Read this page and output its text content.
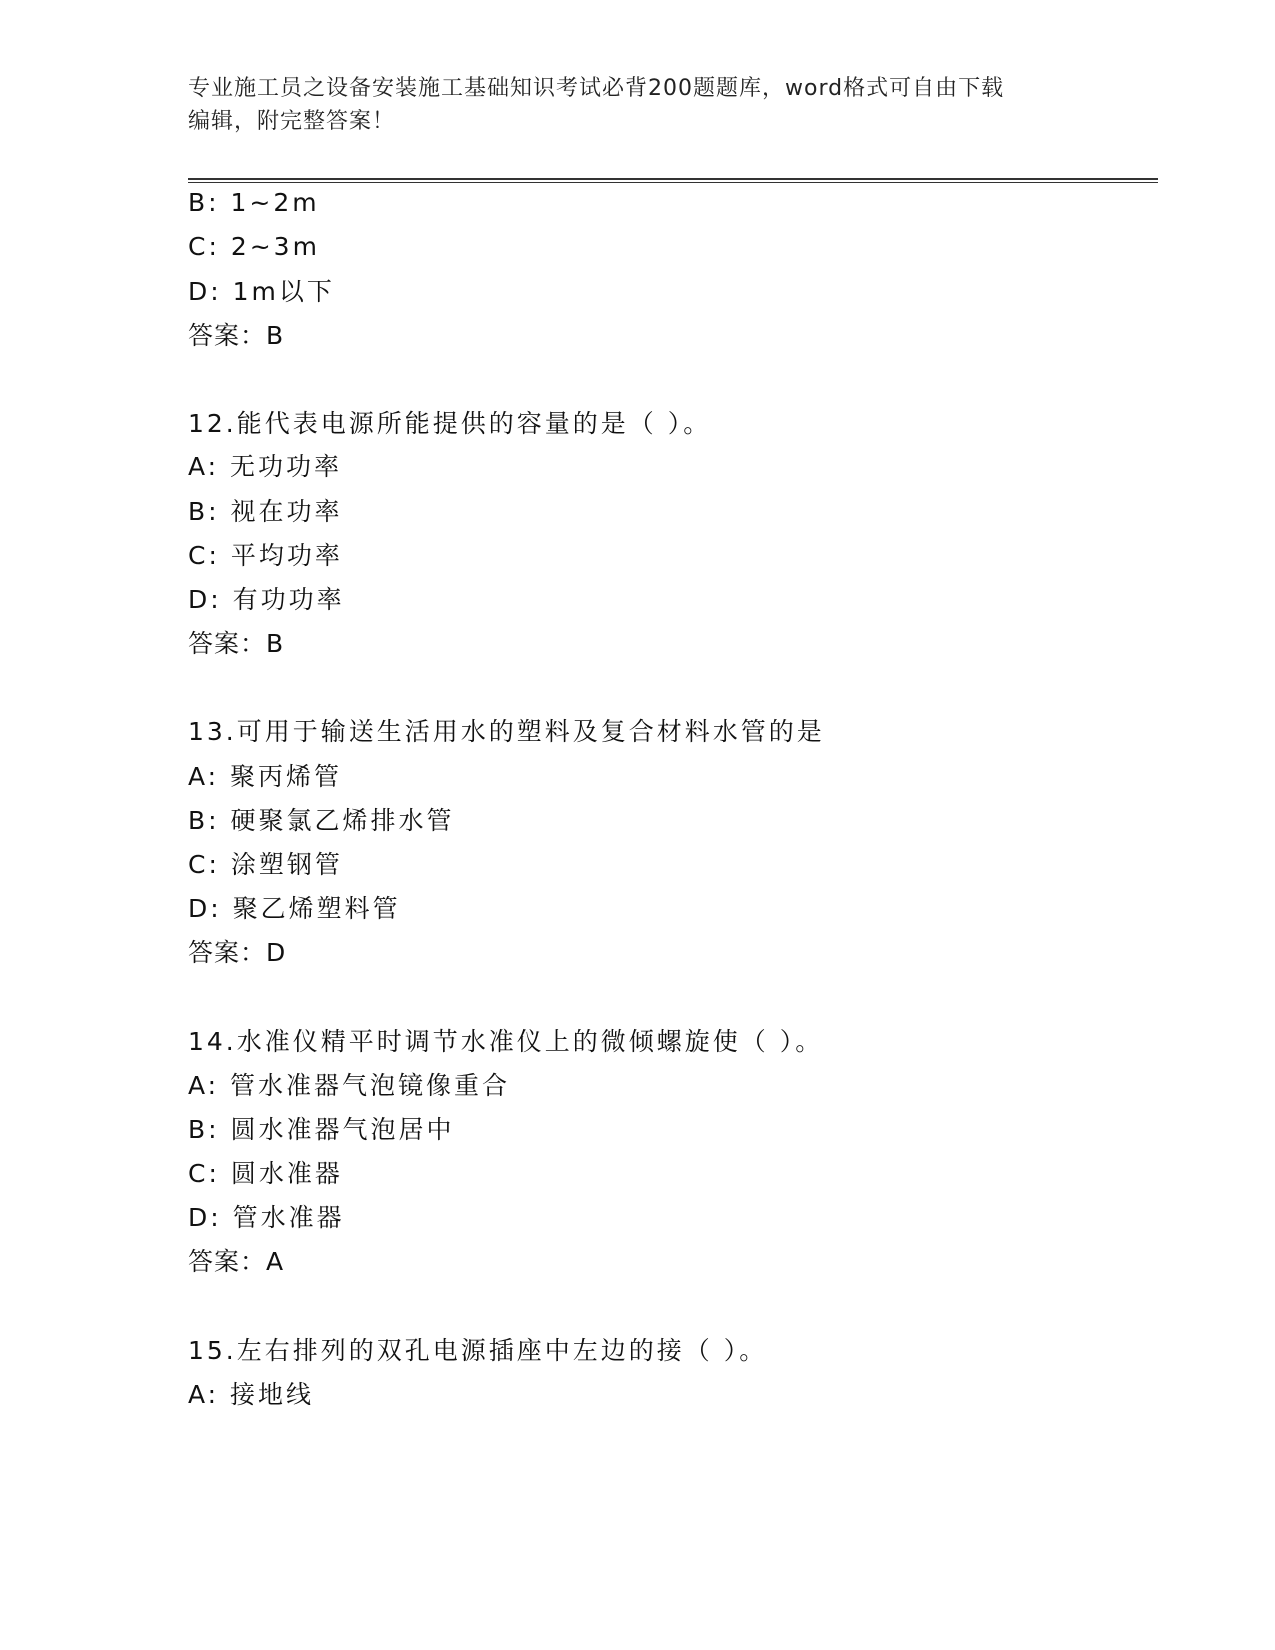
专业施工员之设备安装施工基础知识考试必背200题题库，word格式可自由下载
编辑，附完整答案！
B: 1~2m
C: 2~3m
D: 1m以下
答案：B
12.能代表电源所能提供的容量的是（ ）。
A: 无功功率
B: 视在功率
C: 平均功率
D: 有功功率
答案：B
13.可用于输送生活用水的塑料及复合材料水管的是
A: 聚丙烯管
B: 硬聚氯乙烯排水管
C: 涂塑钢管
D: 聚乙烯塑料管
答案：D
14.水准仪精平时调节水准仪上的微倾螺旋使（ ）。
A: 管水准器气泡镜像重合
B: 圆水准器气泡居中
C: 圆水准器
D: 管水准器
答案：A
15.左右排列的双孔电源插座中左边的接（ ）。
A: 接地线
